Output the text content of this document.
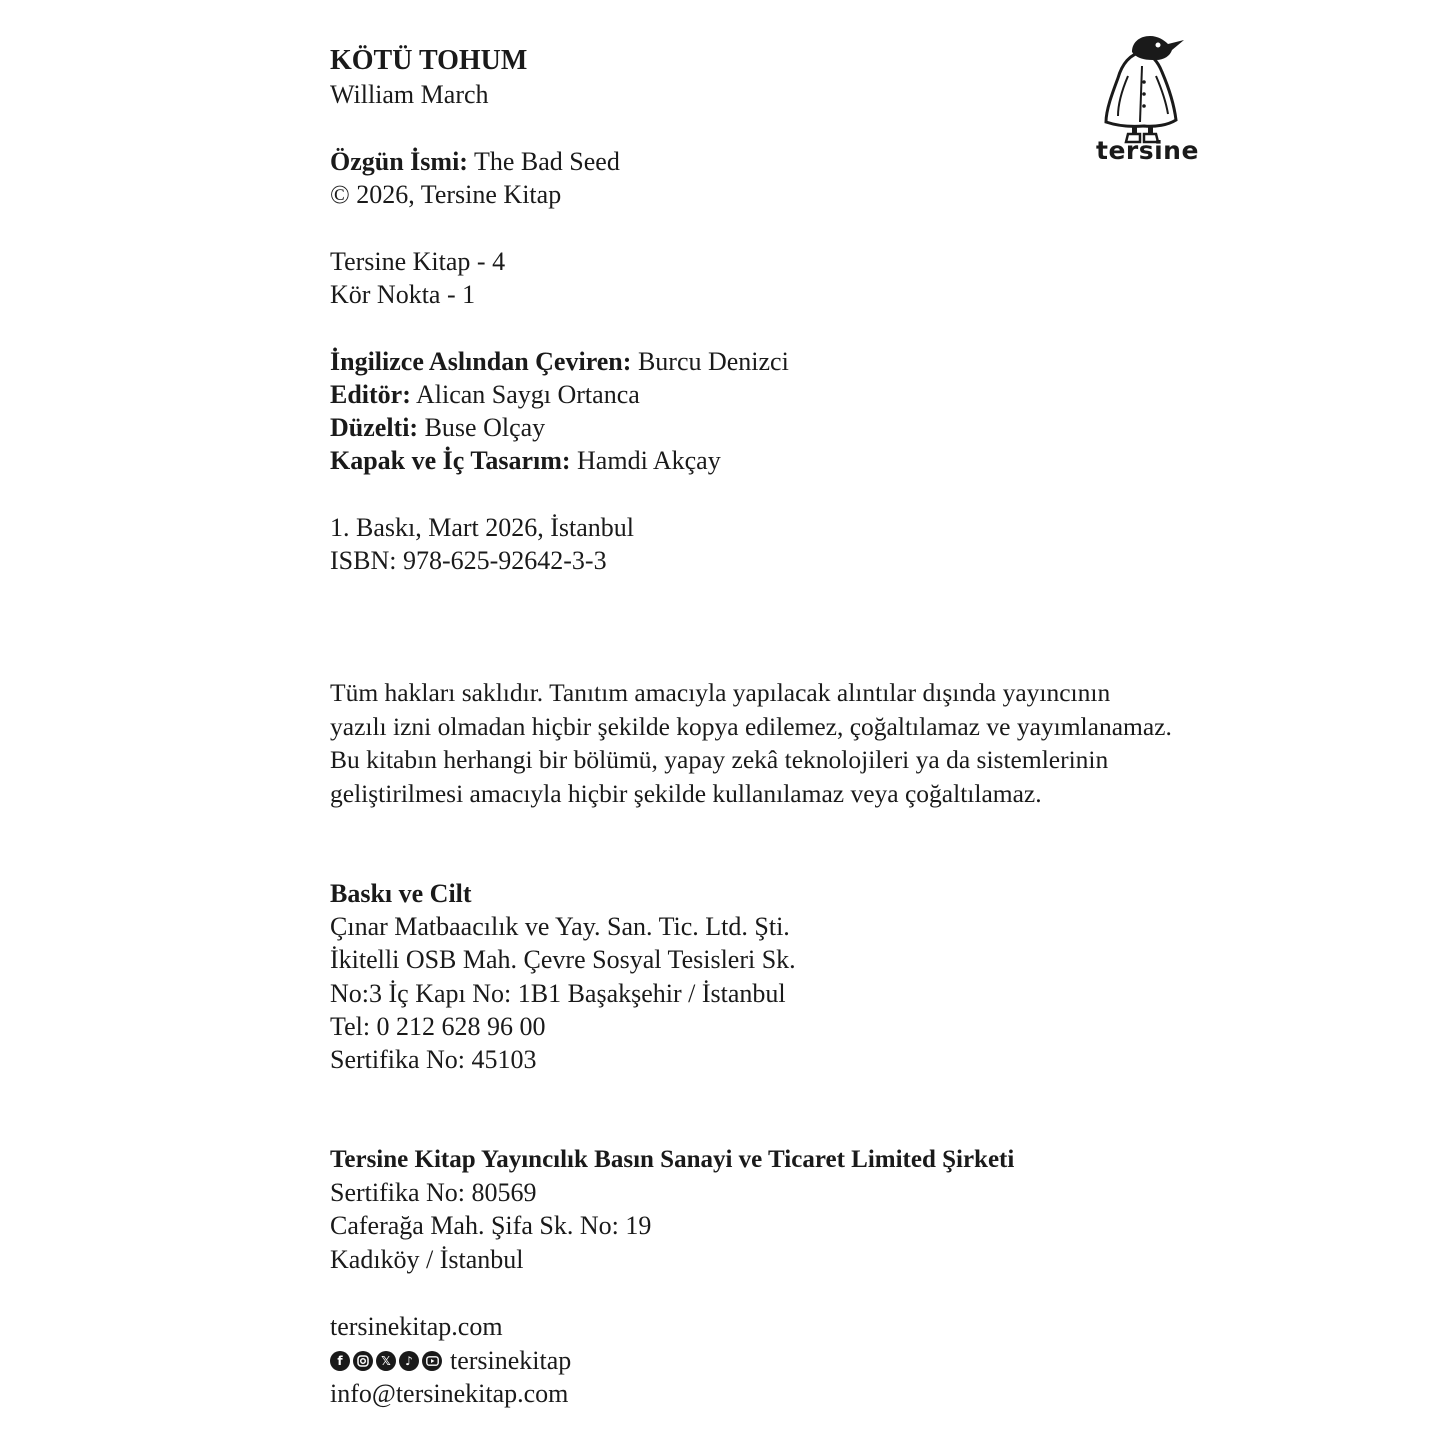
KÖTÜ TOHUM
William March
Özgün İsmi: The Bad Seed
© 2026, Tersine Kitap
Tersine Kitap - 4
Kör Nokta - 1
İngilizce Aslından Çeviren: Burcu Denizci
Editör: Alican Saygı Ortanca
Düzelti: Buse Olçay
Kapak ve İç Tasarım: Hamdi Akçay
1. Baskı, Mart 2026, İstanbul
ISBN: 978-625-92642-3-3
Tüm hakları saklıdır. Tanıtım amacıyla yapılacak alıntılar dışında yayıncının
yazılı izni olmadan hiçbir şekilde kopya edilemez, çoğaltılamaz ve yayımlanamaz.
Bu kitabın herhangi bir bölümü, yapay zekâ teknolojileri ya da sistemlerinin
geliştirilmesi amacıyla hiçbir şekilde kullanılamaz veya çoğaltılamaz.
Baskı ve Cilt
Çınar Matbaacılık ve Yay. San. Tic. Ltd. Şti.
İkitelli OSB Mah. Çevre Sosyal Tesisleri Sk.
No:3 İç Kapı No: 1B1 Başakşehir / İstanbul
Tel: 0 212 628 96 00
Sertifika No: 45103
Tersine Kitap Yayıncılık Basın Sanayi ve Ticaret Limited Şirketi
Sertifika No: 80569
Caferağa Mah. Şifa Sk. No: 19
Kadıköy / İstanbul
tersinekitap.com
f	𝕏	♪ tersinekitap
info@tersinekitap.com
tersine
